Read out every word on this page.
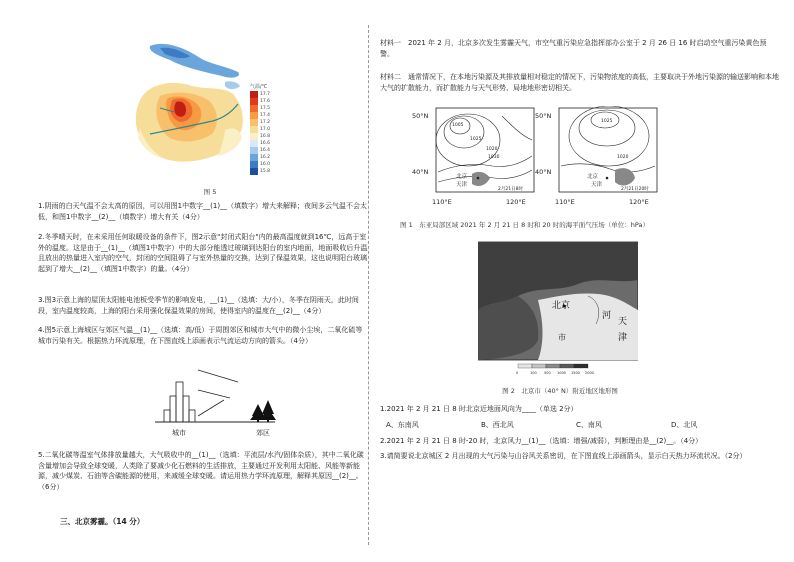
气温/℃
17.7
17.6
17.5
17.4
17.2
17.0
16.8
16.6
16.4
16.2
16.0
15.8
图 5
1.阴雨的白天气温不会太高的原因，可以用图1中数字__(1)__（填数字）增大来解释；夜间多云气温不会太低，和图1中数字__(2)__（填数字）增大有关（4分）
2.冬季晴天时，在未采用任何取暖设备的条件下，图2示意"封闭式阳台"内的最高温度就到16℃，远高于室外的温度。这是由于__(1)__（填图1中数字）中的大部分能透过玻璃到达阳台的室内地面，地面吸收后升温且放出的热量进入室内的空气，封闭的空间阻碍了与室外热量的交换，达到了保温效果，这也说明阳台玻璃起到了增大__(2)__（填图1中数字）的量。（4分）
3.图3示意上海的屋顶太阳能电池板受季节的影响发电，__(1)__（选填：大/小），冬季在阴雨天，此时间段，室内温度较高，上海的阳台采用强化保温效果的房间，使得室内的温度在__(2)__（4分）
4.图5示意上海城区与郊区气温__(1)__（选填：高/低）于周围郊区和城市大气中的微小尘埃，二氧化硫等城市污染有关。根据热力环流原理，在下图直线上添画表示气流运动方向的箭头。（4分）
城市	郊区
5.二氧化碳等温室气体排放量越大，大气吸收中的__(1)__（选填：平流层/水汽/固体杂质），其中二氧化碳含量增加会导致全球变暖，人类除了要减少化石燃料的生活排放，主要通过开发利用太阳能、风能等新能源，减少煤炭、石油等含碳能源的使用，来减缓全球变暖。请运用热力学环流原理，解释其原因__(2)__。（6分）
三、北京雾霾。（14 分）
材料一　2021 年 2 月，北京多次发生雾霾天气，市空气重污染应急指挥部办公室于 2 月 26 日 16 时启动空气重污染黄色预警。
材料二　通常情况下，在本地污染源及其排放量相对稳定的情况下，污染物浓度的高低，主要取决于外地污染源的输送影响和本地大气的扩散能力，而扩散能力与天气形势、局地地形密切相关。
北京
天津
1005
1025
1020
1030
2月21日8时
50°N
40°N
110°E	120°E
北京
天津
1025
1020
2月21日20时
50°N
40°N
110°E	120°E
图 1　东亚局部区域 2021 年 2 月 21 日 8 时和 20 时的海平面气压场（单位：hPa）
北京
市
河
天
津
0	100 500 1000 1500 2000
图 2　北京市（40° N）附近地区地形图
1.2021 年 2 月 21 日 8 时北京近地面风向为____（单选 2分）
A、东南风	B、西北风	C、南风	D、北风
2.2021 年 2 月 21 日 8 时-20 时，北京风力__(1)__（选填：增强/减弱），判断理由是__(2)__。（4分）
3.请简要说北京城区 2 月出现的大气污染与山谷风关系密切，在下图直线上添画箭头，显示白天热力环流状况。（2分）
